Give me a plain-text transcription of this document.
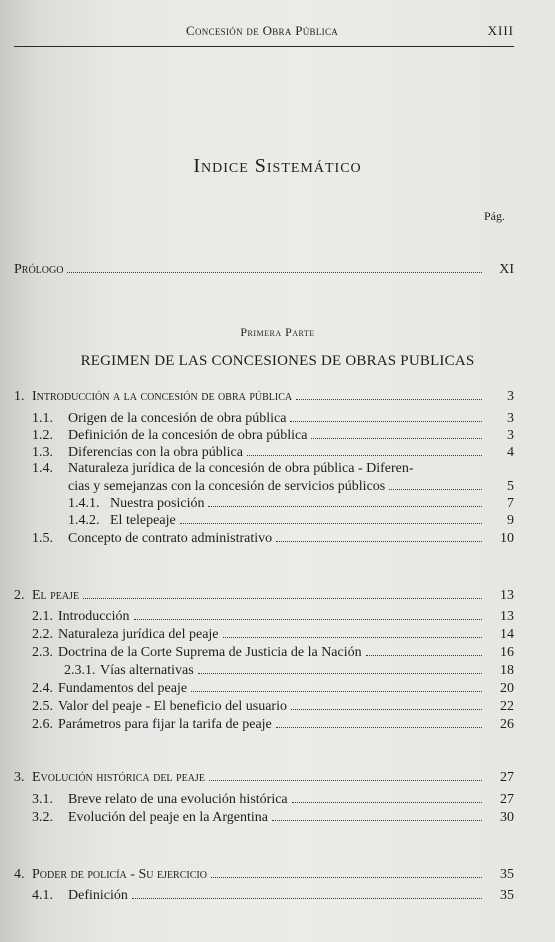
Concesión de Obra Pública	XIII
Indice Sistemático
Pág.
Prólogo	XI
Primera Parte
REGIMEN DE LAS CONCESIONES DE OBRAS PUBLICAS
1. Introducción a la concesión de obra pública	3
1.1.	Origen de la concesión de obra pública	3
1.2.	Definición de la concesión de obra pública	3
1.3.	Diferencias con la obra pública	4
1.4.	Naturaleza jurídica de la concesión de obra pública - Diferen-
cias y semejanzas con la concesión de servicios públicos	5
1.4.1. Nuestra posición	7
1.4.2. El telepeaje	9
1.5.	Concepto de contrato administrativo	10
2. El peaje	13
2.1. Introducción	13
2.2. Naturaleza jurídica del peaje	14
2.3. Doctrina de la Corte Suprema de Justicia de la Nación	16
2.3.1. Vías alternativas	18
2.4. Fundamentos del peaje	20
2.5. Valor del peaje - El beneficio del usuario	22
2.6. Parámetros para fijar la tarifa de peaje	26
3. Evolución histórica del peaje	27
3.1.	Breve relato de una evolución histórica	27
3.2.	Evolución del peaje en la Argentina	30
4. Poder de policía - Su ejercicio	35
4.1.	Definición	35
